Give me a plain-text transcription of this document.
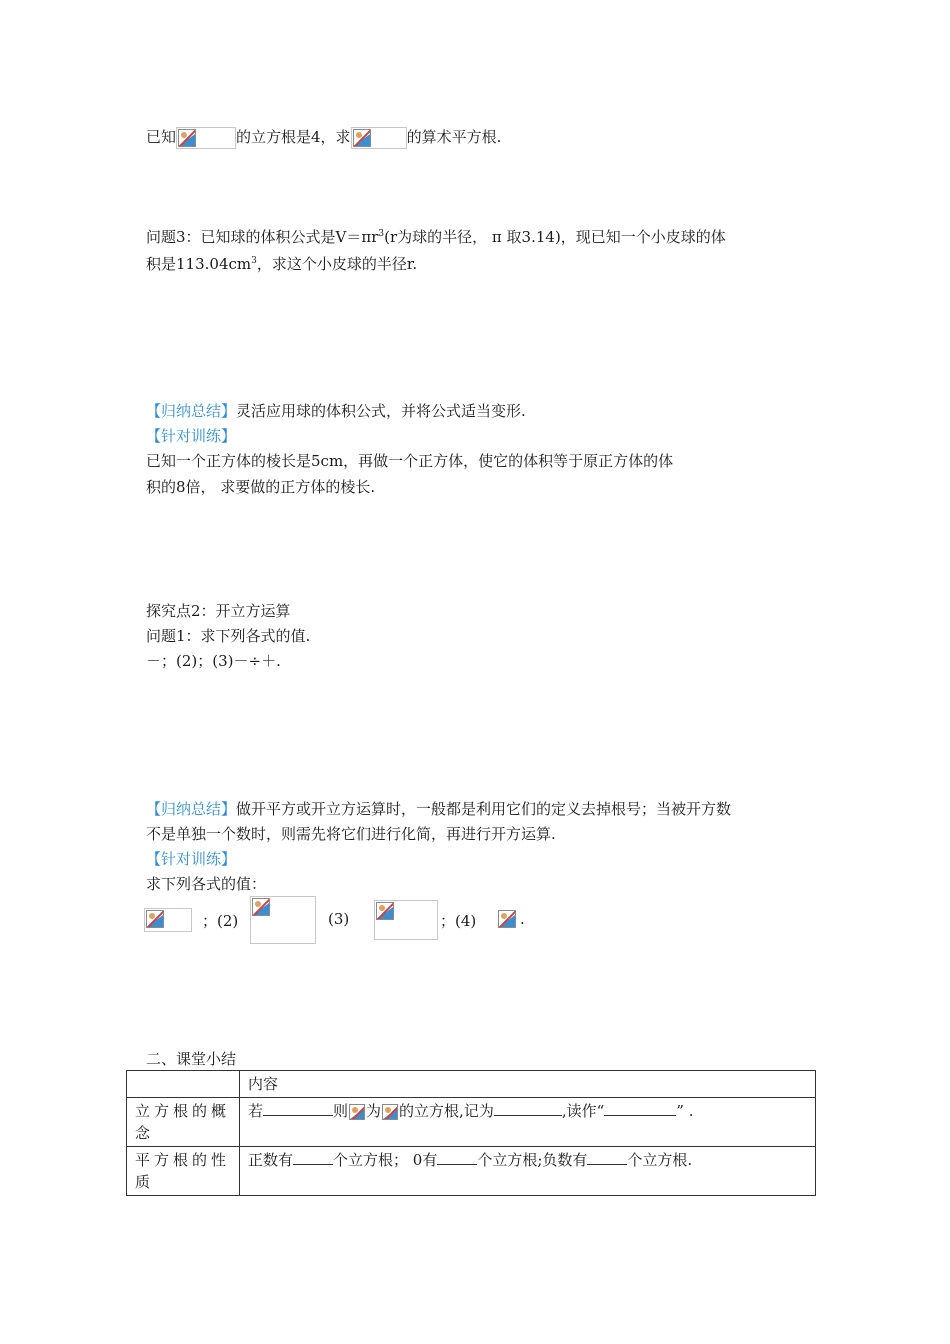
已知	的立方根是4，求	的算术平方根.
问题3：已知球的体积公式是$V=\pi r^3(r$为球的半径， π 取3.14)，现已知一个小皮球的体
积是$113.04cm^3$，求这个小皮球的半径r.
【归纳总结】灵活应用球的体积公式，并将公式适当变形.
【针对训练】
已知一个正方体的棱长是5cm，再做一个正方体，使它的体积等于原正方体的体
积的8倍， 求要做的正方体的棱长.
探究点2：开立方运算
问题1：求下列各式的值.
－；(2)；(3)－÷＋.
【归纳总结】做开平方或开立方运算时，一般都是利用它们的定义去掉根号；当被开方数
不是单独一个数时，则需先将它们进行化简，再进行开方运算.
【针对训练】
求下列各式的值：
；(2)	(3)	；(4)	.
二、课堂小结
	内容
立方根的概念	若 则 为 的立方根,记为 ,读作“ ” .
平方根的性质	正数有 个立方根； 0有 个立方根;负数有 个立方根.
